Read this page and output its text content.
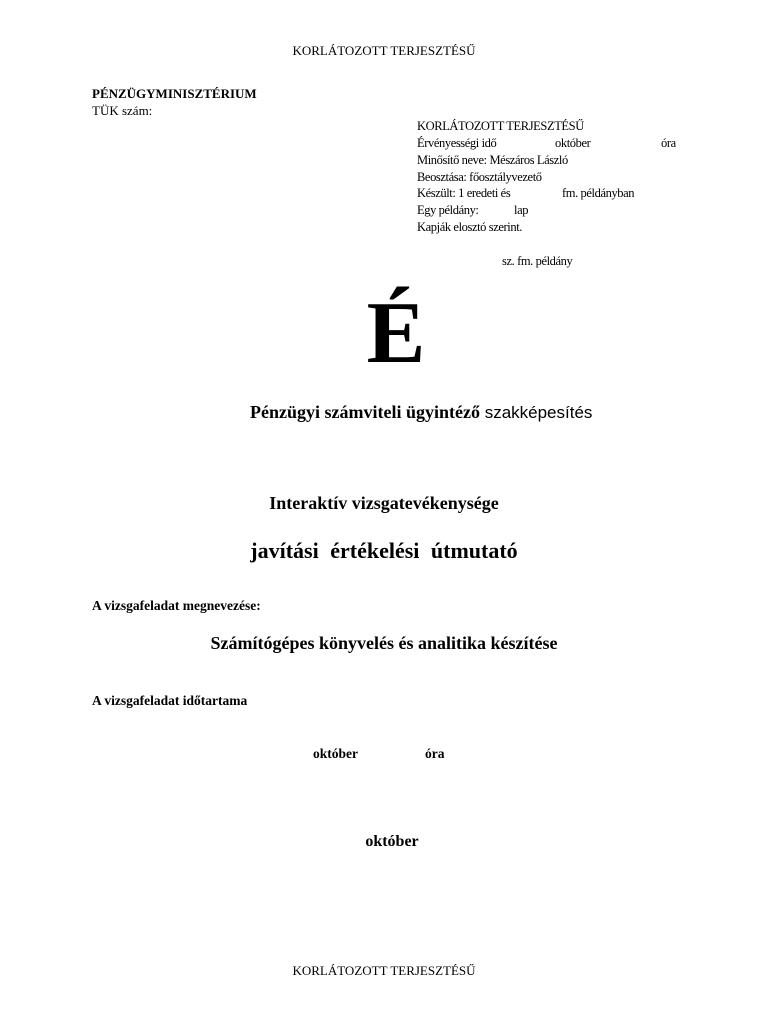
KORLÁTOZOTT TERJESZTÉSŰ
PÉNZÜGYMINISZTÉRIUM
TÜK szám:
KORLÁTOZOTT TERJESZTÉSŰ
Érvényességi idő	október	óra
Minősítő neve: Mészáros László
Beosztása: főosztályvezető
Készült: 1 eredeti és	fm. példányban
Egy példány:	lap
Kapják elosztó szerint.
sz. fm. példány
É
Pénzügyi számviteli ügyintéző szakképesítés
Interaktív vizsgatevékenysége
javítási értékelési útmutató
A vizsgafeladat megnevezése:
Számítógépes könyvelés és analitika készítése
A vizsgafeladat időtartama
október	óra
október
KORLÁTOZOTT TERJESZTÉSŰ
